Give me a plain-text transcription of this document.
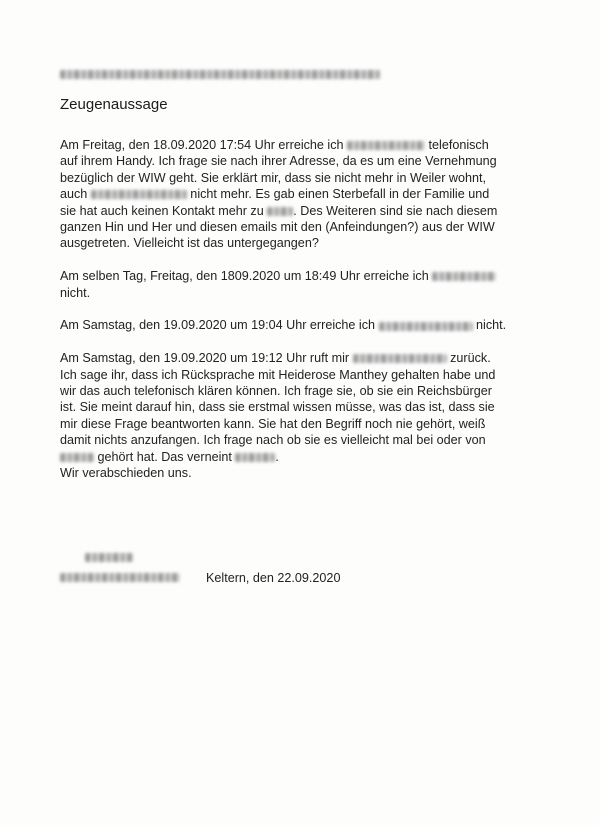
Zeugenaussage

Am Freitag, den 18.09.2020 17:54 Uhr erreiche ich	telefonisch auf ihrem Handy. Ich frage sie nach ihrer Adresse, da es um eine Vernehmung bezüglich der WIW geht. Sie erklärt mir, dass sie nicht mehr in Weiler wohnt, auch	nicht mehr. Es gab einen Sterbefall in der Familie und sie hat auch keinen Kontakt mehr zu . Des Weiteren sind sie nach diesem ganzen Hin und Her und diesen emails mit den (Anfeindungen?) aus der WIW ausgetreten. Vielleicht ist das untergegangen?

Am selben Tag, Freitag, den 1809.2020 um 18:49 Uhr erreiche ich  nicht.

Am Samstag, den 19.09.2020 um 19:04 Uhr erreiche ich	nicht.

Am Samstag, den 19.09.2020 um 19:12 Uhr ruft mir	zurück. Ich sage ihr, dass ich Rücksprache mit Heiderose Manthey gehalten habe und wir das auch telefonisch klären können. Ich frage sie, ob sie ein Reichsbürger ist. Sie meint darauf hin, dass sie erstmal wissen müsse, was das ist, dass sie mir diese Frage beantworten kann. Sie hat den Begriff noch nie gehört, weiß damit nichts anzufangen. Ich frage nach ob sie es vielleicht mal bei oder von  gehört hat. Das verneint	.
Wir verabschieden uns.

Keltern, den 22.09.2020
